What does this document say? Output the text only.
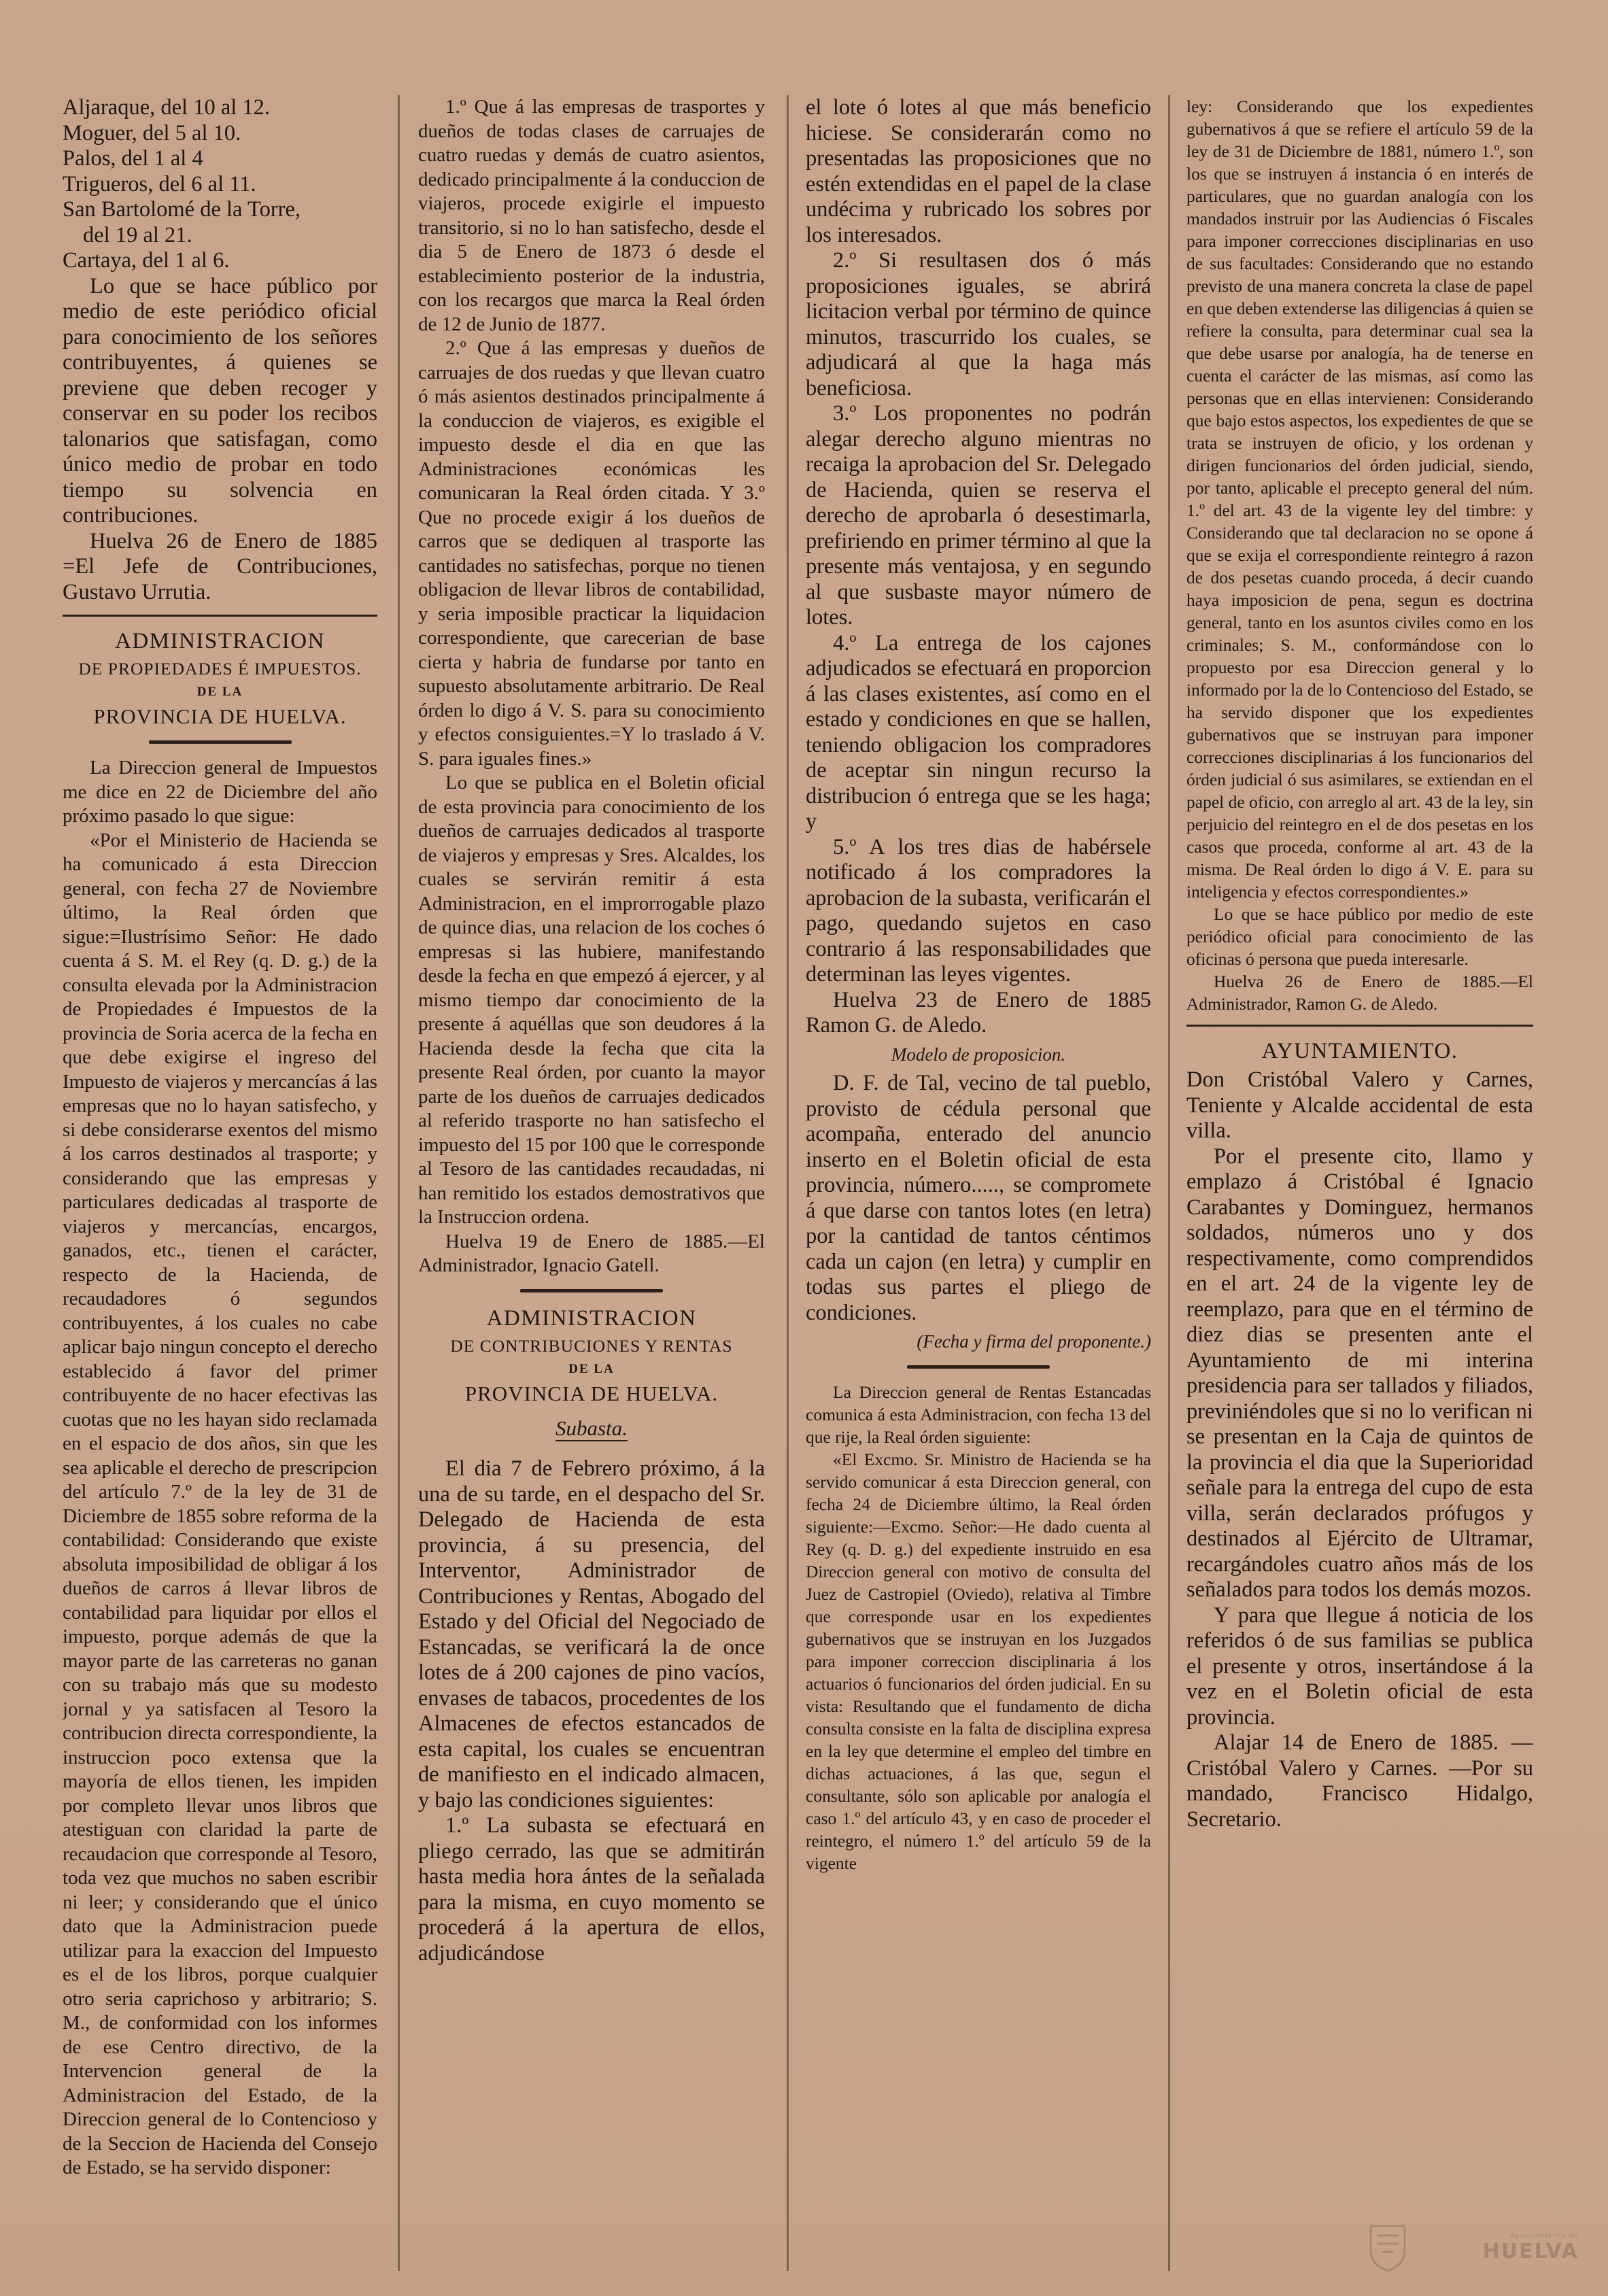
Aljaraque, del 10 al 12.
Moguer, del 5 al 10.
Palos, del 1 al 4
Trigueros, del 6 al 11.
San Bartolomé de la Torre,
del 19 al 21.
Cartaya, del 1 al 6.

Lo que se hace público por medio de este periódico oficial para conocimiento de los señores contribuyentes, á quienes se previene que deben recoger y conservar en su poder los recibos talonarios que satisfagan, como único medio de probar en todo tiempo su solvencia en contribuciones.

Huelva 26 de Enero de 1885 =El Jefe de Contribuciones, Gustavo Urrutia.

ADMINISTRACION
DE PROPIEDADES É IMPUESTOS.
DE LA
PROVINCIA DE HUELVA.

La Direccion general de Impuestos me dice en 22 de Diciembre del año próximo pasado lo que sigue:

«Por el Ministerio de Hacienda se ha comunicado á esta Direccion general, con fecha 27 de Noviembre último, la Real órden que sigue:=Ilustrísimo Señor: He dado cuenta á S. M. el Rey (q. D. g.) de la consulta elevada por la Administracion de Propiedades é Impuestos de la provincia de Soria acerca de la fecha en que debe exigirse el ingreso del Impuesto de viajeros y mercancías á las empresas que no lo hayan satisfecho, y si debe considerarse exentos del mismo á los carros destinados al trasporte; y considerando que las empresas y particulares dedicadas al trasporte de viajeros y mercancías, encargos, ganados, etc., tienen el carácter, respecto de la Hacienda, de recaudadores ó segundos contribuyentes, á los cuales no cabe aplicar bajo ningun concepto el derecho establecido á favor del primer contribuyente de no hacer efectivas las cuotas que no les hayan sido reclamada en el espacio de dos años, sin que les sea aplicable el derecho de prescripcion del artículo 7.º de la ley de 31 de Diciembre de 1855 sobre reforma de la contabilidad: Considerando que existe absoluta imposibilidad de obligar á los dueños de carros á llevar libros de contabilidad para liquidar por ellos el impuesto, porque además de que la mayor parte de las carreteras no ganan con su trabajo más que su modesto jornal y ya satisfacen al Tesoro la contribucion directa correspondiente, la instruccion poco extensa que la mayoría de ellos tienen, les impiden por completo llevar unos libros que atestiguan con claridad la parte de recaudacion que corresponde al Tesoro, toda vez que muchos no saben escribir ni leer; y considerando que el único dato que la Administracion puede utilizar para la exaccion del Impuesto es el de los libros, porque cualquier otro seria caprichoso y arbitrario; S. M., de conformidad con los informes de ese Centro directivo, de la Intervencion general de la Administracion del Estado, de la Direccion general de lo Contencioso y de la Seccion de Hacienda del Consejo de Estado, se ha servido disponer:

1.º Que á las empresas de trasportes y dueños de todas clases de carruajes de cuatro ruedas y demás de cuatro asientos, dedicado principalmente á la conduccion de viajeros, procede exigirle el impuesto transitorio, si no lo han satisfecho, desde el dia 5 de Enero de 1873 ó desde el establecimiento posterior de la industria, con los recargos que marca la Real órden de 12 de Junio de 1877.

2.º Que á las empresas y dueños de carruajes de dos ruedas y que llevan cuatro ó más asientos destinados principalmente á la conduccion de viajeros, es exigible el impuesto desde el dia en que las Administraciones económicas les comunicaran la Real órden citada. Y 3.º Que no procede exigir á los dueños de carros que se dediquen al trasporte las cantidades no satisfechas, porque no tienen obligacion de llevar libros de contabilidad, y seria imposible practicar la liquidacion correspondiente, que carecerian de base cierta y habria de fundarse por tanto en supuesto absolutamente arbitrario. De Real órden lo digo á V. S. para su conocimiento y efectos consiguientes.=Y lo traslado á V. S. para iguales fines.»

Lo que se publica en el Boletin oficial de esta provincia para conocimiento de los dueños de carruajes dedicados al trasporte de viajeros y empresas y Sres. Alcaldes, los cuales se servirán remitir á esta Administracion, en el improrrogable plazo de quince dias, una relacion de los coches ó empresas si las hubiere, manifestando desde la fecha en que empezó á ejercer, y al mismo tiempo dar conocimiento de la presente á aquéllas que son deudores á la Hacienda desde la fecha que cita la presente Real órden, por cuanto la mayor parte de los dueños de carruajes dedicados al referido trasporte no han satisfecho el impuesto del 15 por 100 que le corresponde al Tesoro de las cantidades recaudadas, ni han remitido los estados demostrativos que la Instruccion ordena.

Huelva 19 de Enero de 1885.—El Administrador, Ignacio Gatell.

ADMINISTRACION
DE CONTRIBUCIONES Y RENTAS
DE LA
PROVINCIA DE HUELVA.
Subasta.

El dia 7 de Febrero próximo, á la una de su tarde, en el despacho del Sr. Delegado de Hacienda de esta provincia, á su presencia, del Interventor, Administrador de Contribuciones y Rentas, Abogado del Estado y del Oficial del Negociado de Estancadas, se verificará la de once lotes de á 200 cajones de pino vacíos, envases de tabacos, procedentes de los Almacenes de efectos estancados de esta capital, los cuales se encuentran de manifiesto en el indicado almacen, y bajo las condiciones siguientes:

1.º La subasta se efectuará en pliego cerrado, las que se admitirán hasta media hora ántes de la señalada para la misma, en cuyo momento se procederá á la apertura de ellos, adjudicándose

el lote ó lotes al que más beneficio hiciese. Se considerarán como no presentadas las proposiciones que no estén extendidas en el papel de la clase undécima y rubricado los sobres por los interesados.

2.º Si resultasen dos ó más proposiciones iguales, se abrirá licitacion verbal por término de quince minutos, trascurrido los cuales, se adjudicará al que la haga más beneficiosa.

3.º Los proponentes no podrán alegar derecho alguno mientras no recaiga la aprobacion del Sr. Delegado de Hacienda, quien se reserva el derecho de aprobarla ó desestimarla, prefiriendo en primer término al que la presente más ventajosa, y en segundo al que susbaste mayor número de lotes.

4.º La entrega de los cajones adjudicados se efectuará en proporcion á las clases existentes, así como en el estado y condiciones en que se hallen, teniendo obligacion los compradores de aceptar sin ningun recurso la distribucion ó entrega que se les haga; y

5.º A los tres dias de habérsele notificado á los compradores la aprobacion de la subasta, verificarán el pago, quedando sujetos en caso contrario á las responsabilidades que determinan las leyes vigentes.

Huelva 23 de Enero de 1885 Ramon G. de Aledo.

Modelo de proposicion.

D. F. de Tal, vecino de tal pueblo, provisto de cédula personal que acompaña, enterado del anuncio inserto en el Boletin oficial de esta provincia, número....., se compromete á que darse con tantos lotes (en letra) por la cantidad de tantos céntimos cada un cajon (en letra) y cumplir en todas sus partes el pliego de condiciones.

(Fecha y firma del proponente.)

La Direccion general de Rentas Estancadas comunica á esta Administracion, con fecha 13 del que rije, la Real órden siguiente:

«El Excmo. Sr. Ministro de Hacienda se ha servido comunicar á esta Direccion general, con fecha 24 de Diciembre último, la Real órden siguiente:—Excmo. Señor:—He dado cuenta al Rey (q. D. g.) del expediente instruido en esa Direccion general con motivo de consulta del Juez de Castropiel (Oviedo), relativa al Timbre que corresponde usar en los expedientes gubernativos que se instruyan en los Juzgados para imponer correccion disciplinaria á los actuarios ó funcionarios del órden judicial. En su vista: Resultando que el fundamento de dicha consulta consiste en la falta de disciplina expresa en la ley que determine el empleo del timbre en dichas actuaciones, á las que, segun el consultante, sólo son aplicable por analogía el caso 1.º del artículo 43, y en caso de proceder el reintegro, el número 1.º del artículo 59 de la vigente

ley: Considerando que los expedientes gubernativos á que se refiere el artículo 59 de la ley de 31 de Diciembre de 1881, número 1.º, son los que se instruyen á instancia ó en interés de particulares, que no guardan analogía con los mandados instruir por las Audiencias ó Fiscales para imponer correcciones disciplinarias en uso de sus facultades: Considerando que no estando previsto de una manera concreta la clase de papel en que deben extenderse las diligencias á quien se refiere la consulta, para determinar cual sea la que debe usarse por analogía, ha de tenerse en cuenta el carácter de las mismas, así como las personas que en ellas intervienen: Considerando que bajo estos aspectos, los expedientes de que se trata se instruyen de oficio, y los ordenan y dirigen funcionarios del órden judicial, siendo, por tanto, aplicable el precepto general del núm. 1.º del art. 43 de la vigente ley del timbre: y Considerando que tal declaracion no se opone á que se exija el correspondiente reintegro á razon de dos pesetas cuando proceda, á decir cuando haya imposicion de pena, segun es doctrina general, tanto en los asuntos civiles como en los criminales; S. M., conformándose con lo propuesto por esa Direccion general y lo informado por la de lo Contencioso del Estado, se ha servido disponer que los expedientes gubernativos que se instruyan para imponer correcciones disciplinarias á los funcionarios del órden judicial ó sus asimilares, se extiendan en el papel de oficio, con arreglo al art. 43 de la ley, sin perjuicio del reintegro en el de dos pesetas en los casos que proceda, conforme al art. 43 de la misma. De Real órden lo digo á V. E. para su inteligencia y efectos correspondientes.»

Lo que se hace público por medio de este periódico oficial para conocimiento de las oficinas ó persona que pueda interesarle.

Huelva 26 de Enero de 1885.—El Administrador, Ramon G. de Aledo.

AYUNTAMIENTO.

Don Cristóbal Valero y Carnes, Teniente y Alcalde accidental de esta villa.

Por el presente cito, llamo y emplazo á Cristóbal é Ignacio Carabantes y Dominguez, hermanos soldados, números uno y dos respectivamente, como comprendidos en el art. 24 de la vigente ley de reemplazo, para que en el término de diez dias se presenten ante el Ayuntamiento de mi interina presidencia para ser tallados y filiados, previniéndoles que si no lo verifican ni se presentan en la Caja de quintos de la provincia el dia que la Superioridad señale para la entrega del cupo de esta villa, serán declarados prófugos y destinados al Ejército de Ultramar, recargándoles cuatro años más de los señalados para todos los demás mozos.

Y para que llegue á noticia de los referidos ó de sus familias se publica el presente y otros, insertándose á la vez en el Boletin oficial de esta provincia.

Alajar 14 de Enero de 1885. —Cristóbal Valero y Carnes. —Por su mandado, Francisco Hidalgo, Secretario.

Ayuntamiento de
HUELVA
